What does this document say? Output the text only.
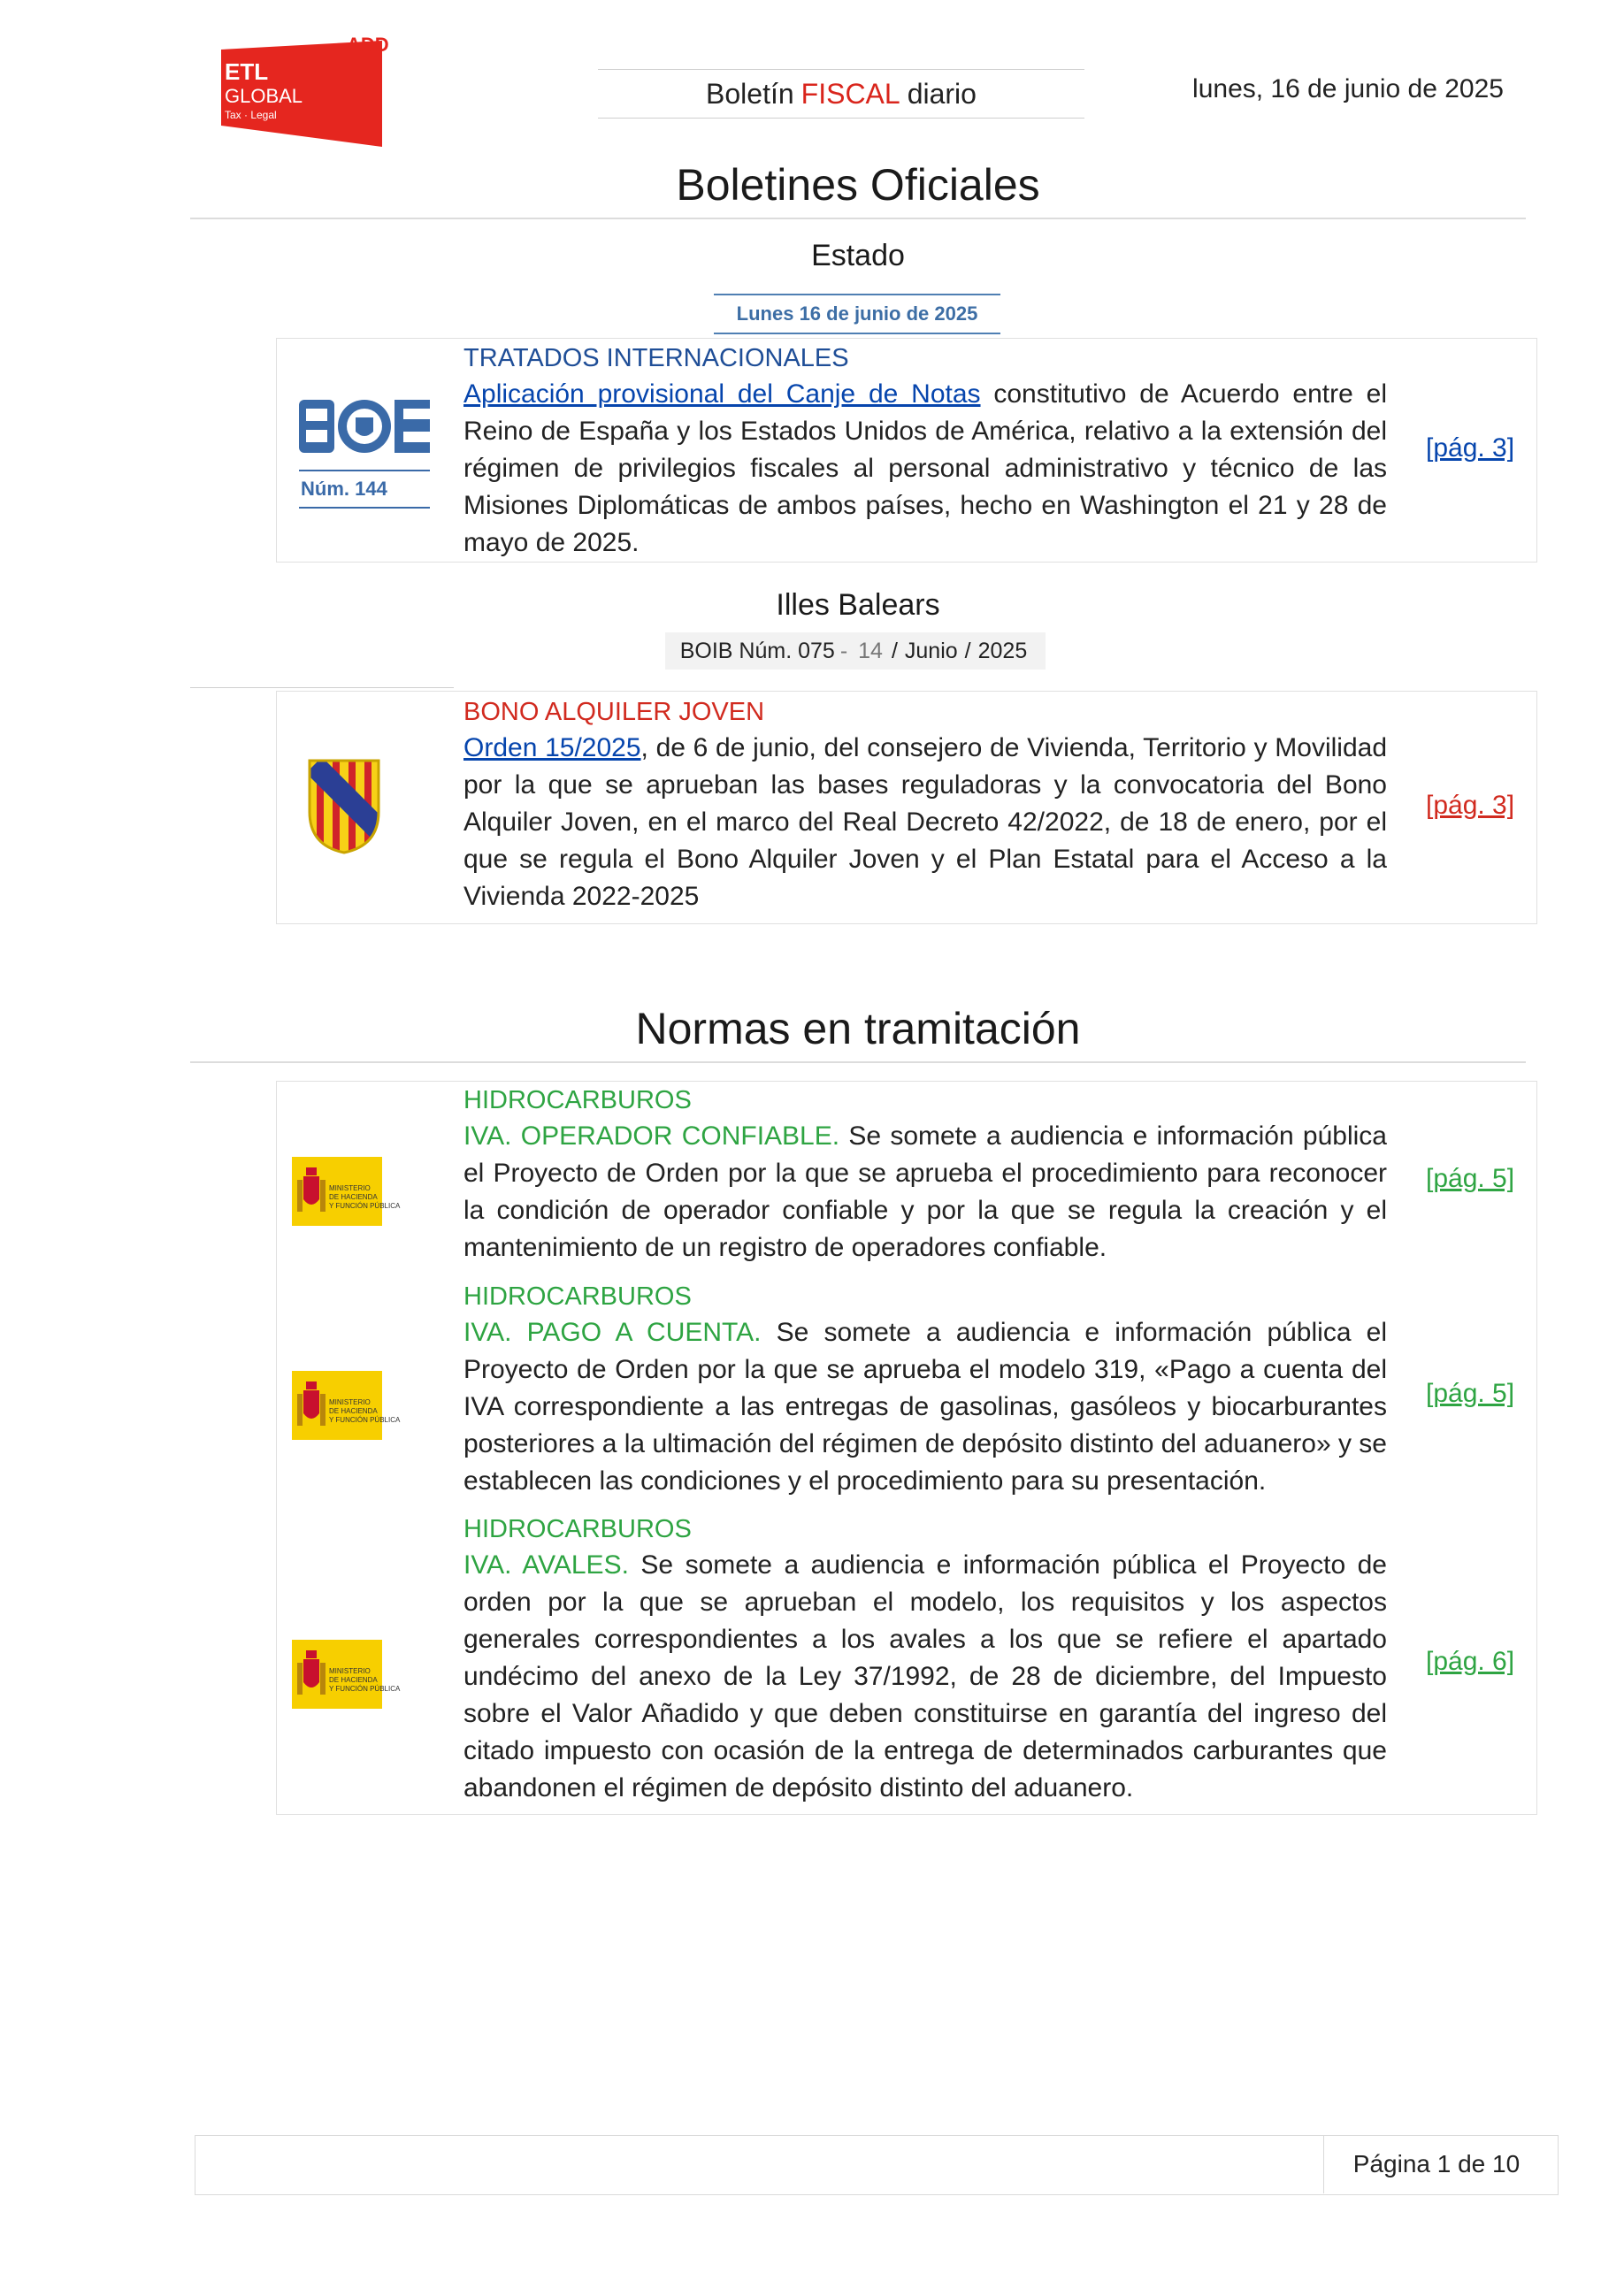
ADD
ETL
GLOBAL
Tax · Legal
Boletín FISCAL diario	lunes, 16 de junio de 2025
Boletines Oficiales
Estado
Lunes 16 de junio de 2025
Núm. 144
TRATADOS INTERNACIONALES
Aplicación provisional del Canje de Notas constitutivo de Acuerdo entre el Reino de España y los Estados Unidos de América, relativo a la extensión del régimen de privilegios fiscales al personal administrativo y técnico de las Misiones Diplomáticas de ambos países, hecho en Washington el 21 y 28 de mayo de 2025.
[pág. 3]
Illes Balears
BOIB Núm. 075 - 14 / Junio / 2025
BONO ALQUILER JOVEN
Orden 15/2025, de 6 de junio, del consejero de Vivienda, Territorio y Movilidad por la que se aprueban las bases reguladoras y la convocatoria del Bono Alquiler Joven, en el marco del Real Decreto 42/2022, de 18 de enero, por el que se regula el Bono Alquiler Joven y el Plan Estatal para el Acceso a la Vivienda 2022-2025
[pág. 3]
Normas en tramitación
MINISTERIO
DE HACIENDA
Y FUNCIÓN PÚBLICA
HIDROCARBUROS
IVA. OPERADOR CONFIABLE. Se somete a audiencia e información pública el Proyecto de Orden por la que se aprueba el procedimiento para reconocer la condición de operador confiable y por la que se regula la creación y el mantenimiento de un registro de operadores confiable.
[pág. 5]
MINISTERIO
DE HACIENDA
Y FUNCIÓN PÚBLICA
HIDROCARBUROS
IVA. PAGO A CUENTA. Se somete a audiencia e información pública el Proyecto de Orden por la que se aprueba el modelo 319, «Pago a cuenta del IVA correspondiente a las entregas de gasolinas, gasóleos y biocarburantes posteriores a la ultimación del régimen de depósito distinto del aduanero» y se establecen las condiciones y el procedimiento para su presentación.
[pág. 5]
MINISTERIO
DE HACIENDA
Y FUNCIÓN PÚBLICA
HIDROCARBUROS
IVA. AVALES. Se somete a audiencia e información pública el Proyecto de orden por la que se aprueban el modelo, los requisitos y los aspectos generales correspondientes a los avales a los que se refiere el apartado undécimo del anexo de la Ley 37/1992, de 28 de diciembre, del Impuesto sobre el Valor Añadido y que deben constituirse en garantía del ingreso del citado impuesto con ocasión de la entrega de determinados carburantes que abandonen el régimen de depósito distinto del aduanero.
[pág. 6]
Página 1 de 10
